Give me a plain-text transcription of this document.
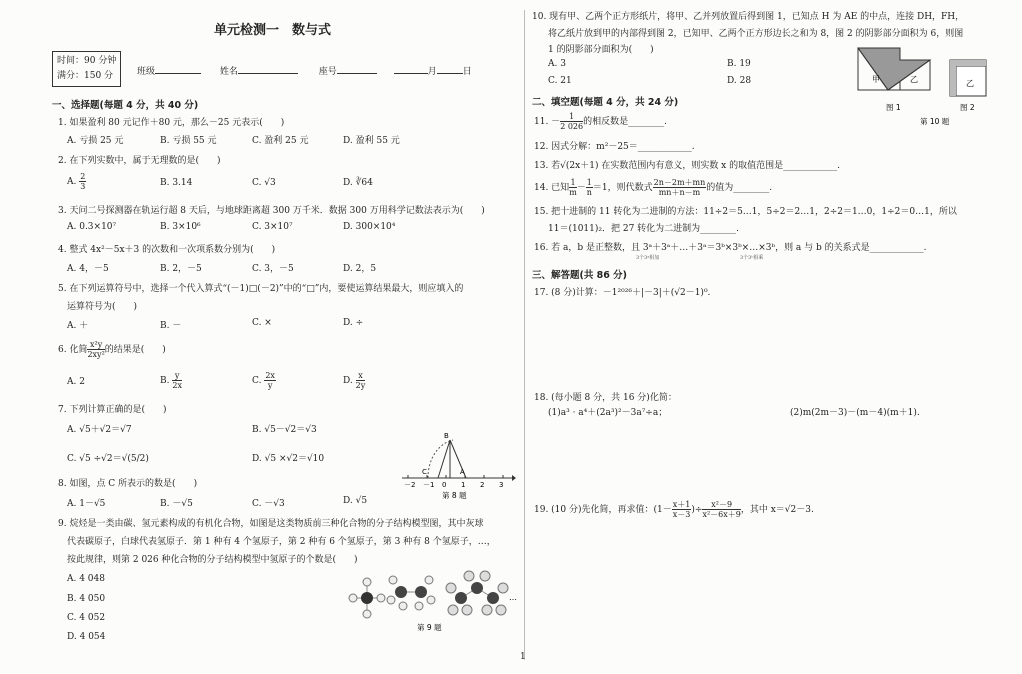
单元检测一　数与式
时间：90 分钟
满分：150 分	班级	姓名	座号	月	日
一、选择题(每题 4 分，共 40 分)
1. 如果盈利 80 元记作＋80 元，那么－25 元表示(　　)
A. 亏损 25 元	B. 亏损 55 元	C. 盈利 25 元	D. 盈利 55 元
2. 在下列实数中，属于无理数的是(　　)
A. $\frac{2}{3}$	B. 3.14	C. √3	D. ∛64
3. 天问二号探测器在轨运行超 8 天后，与地球距离超 300 万千米．数据 300 万用科学记数法表示为(　　)
A. 0.3×10⁷	B. 3×10⁶	C. 3×10⁷	D. 300×10⁴
4. 整式 4x²－5x＋3 的次数和一次项系数分别为(　　)
A. 4，－5	B. 2，－5	C. 3，－5	D. 2，5
5. 在下列运算符号中，选择一个代入算式“(－1)□(－2)”中的“□”内，要使运算结果最大，则应填入的
运算符号为(　　)
A. ＋	B. －	C. ×	D. ÷
6. 化简 $\frac{\text{x²y}}{\text{2xy²}}$ 的结果是(　　)
A. 2	B. $\frac{y}{2x}$	C. $\frac{2x}{y}$	D. $\frac{x}{2y}$
7. 下列计算正确的是(　　)
A. √5＋√2＝√7	B. √5－√2＝√3
C. √5 ÷√2＝√(5/2)	D. √5 ×√2＝√10
8. 如图，点 C 所表示的数是(　　)
A. 1－√5	B. －√5	C. －√3	D. √5
－2 －1 0 1 2 3
B
C	A
第 8 题
9. 烷烃是一类由碳、氢元素构成的有机化合物，如图是这类物质前三种化合物的分子结构模型图，其中灰球
代表碳原子，白球代表氢原子．第 1 种有 4 个氢原子，第 2 种有 6 个氢原子，第 3 种有 8 个氢原子，…，
按此规律，则第 2 026 种化合物的分子结构模型中氢原子的个数是(　　)
A. 4 048
B. 4 050
C. 4 052
D. 4 054
…
第 9 题
10. 现有甲、乙两个正方形纸片，将甲、乙并列放置后得到图 1，已知点 H 为 AE 的中点，连接 DH，FH，
将乙纸片放到甲的内部得到图 2，已知甲、乙两个正方形边长之和为 8，图 2 的阴影部分面积为 6，则图
1 的阴影部分面积为(　　)
A. 3	B. 19
C. 21	D. 28	甲	乙
图 1
乙
图 2
第 10 题
二、填空题(每题 4 分，共 24 分)
11. － $\frac{1}{2 026}$ 的相反数是________.
12. 因式分解：m²－25＝____________.
13. 若√(2x＋1) 在实数范围内有意义，则实数 x 的取值范围是____________.
14. 已知 $\frac{1}{m} - \frac{1}{n} =1$，则代数式 $\frac{2n-2m+mn}{mn+n-m}$ 的值为________.
15. 把十进制的 11 转化为二进制的方法：11÷2＝5…1，5÷2＝2…1，2÷2＝1…0，1÷2＝0…1，所以
11＝(1011)₂．把 27 转化为二进制为________.
16. 若 a，b 是正整数，且 3ᵃ＋3ᵃ＋…＋3ᵃ＝3ᵇ×3ᵇ×…×3ᵇ，则 a 与 b 的关系式是____________.
3个3ᵃ相加	3个3ᵇ相乘
三、解答题(共 86 分)
17. (8 分)计算：－1²⁰²⁶＋|－3|＋(√2－1)⁰.
18. (每小题 8 分，共 16 分)化简：
(1)a³ · a⁴＋(2a³)²－3a⁷÷a；	(2)m(2m－3)－(m－4)(m＋1).
19. (10 分)先化简，再求值：($1- \frac{x+1}{x-3}$ )÷ $\frac{\text{x²－9}}{\text{x²－6x＋9}}$ ，其中 x＝√2－3.
1
